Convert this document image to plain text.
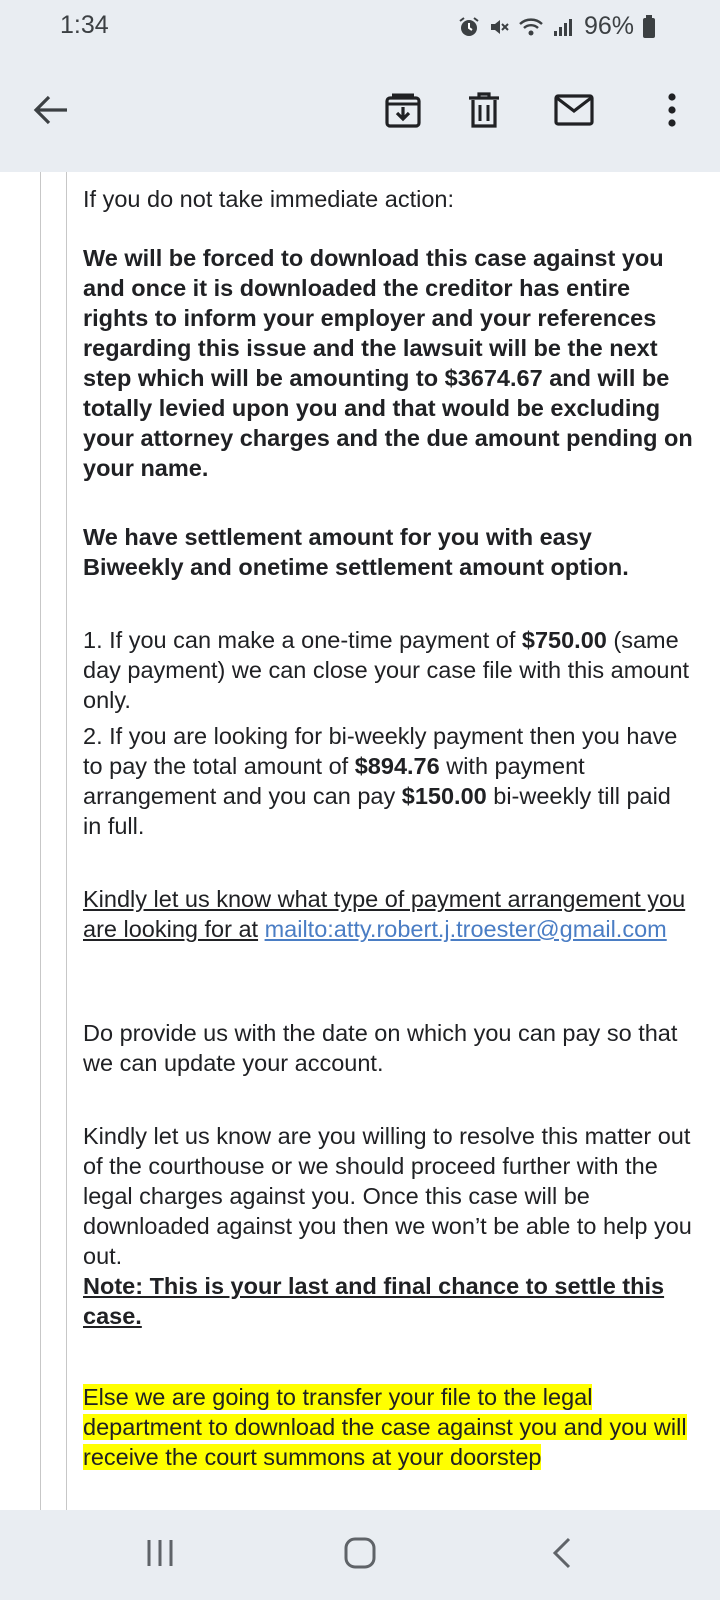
1:34	96%

If you do not take immediate action:

We will be forced to download this case against you and once it is downloaded the creditor has entire rights to inform your employer and your references regarding this issue and the lawsuit will be the next step which will be amounting to $3674.67 and will be totally levied upon you and that would be excluding your attorney charges and the due amount pending on your name.

We have settlement amount for you with easy Biweekly and onetime settlement amount option.

1. If you can make a one-time payment of $750.00 (same day payment) we can close your case file with this amount only.

2. If you are looking for bi-weekly payment then you have to pay the total amount of $894.76 with payment arrangement and you can pay $150.00 bi-weekly till paid in full.

Kindly let us know what type of payment arrangement you are looking for at mailto:atty.robert.j.troester@gmail.com

Do provide us with the date on which you can pay so that we can update your account.

Kindly let us know are you willing to resolve this matter out of the courthouse or we should proceed further with the legal charges against you. Once this case will be downloaded against you then we won’t be able to help you out.

Note: This is your last and final chance to settle this case.

Else we are going to transfer your file to the legal department to download the case against you and you will receive the court summons at your doorstep
